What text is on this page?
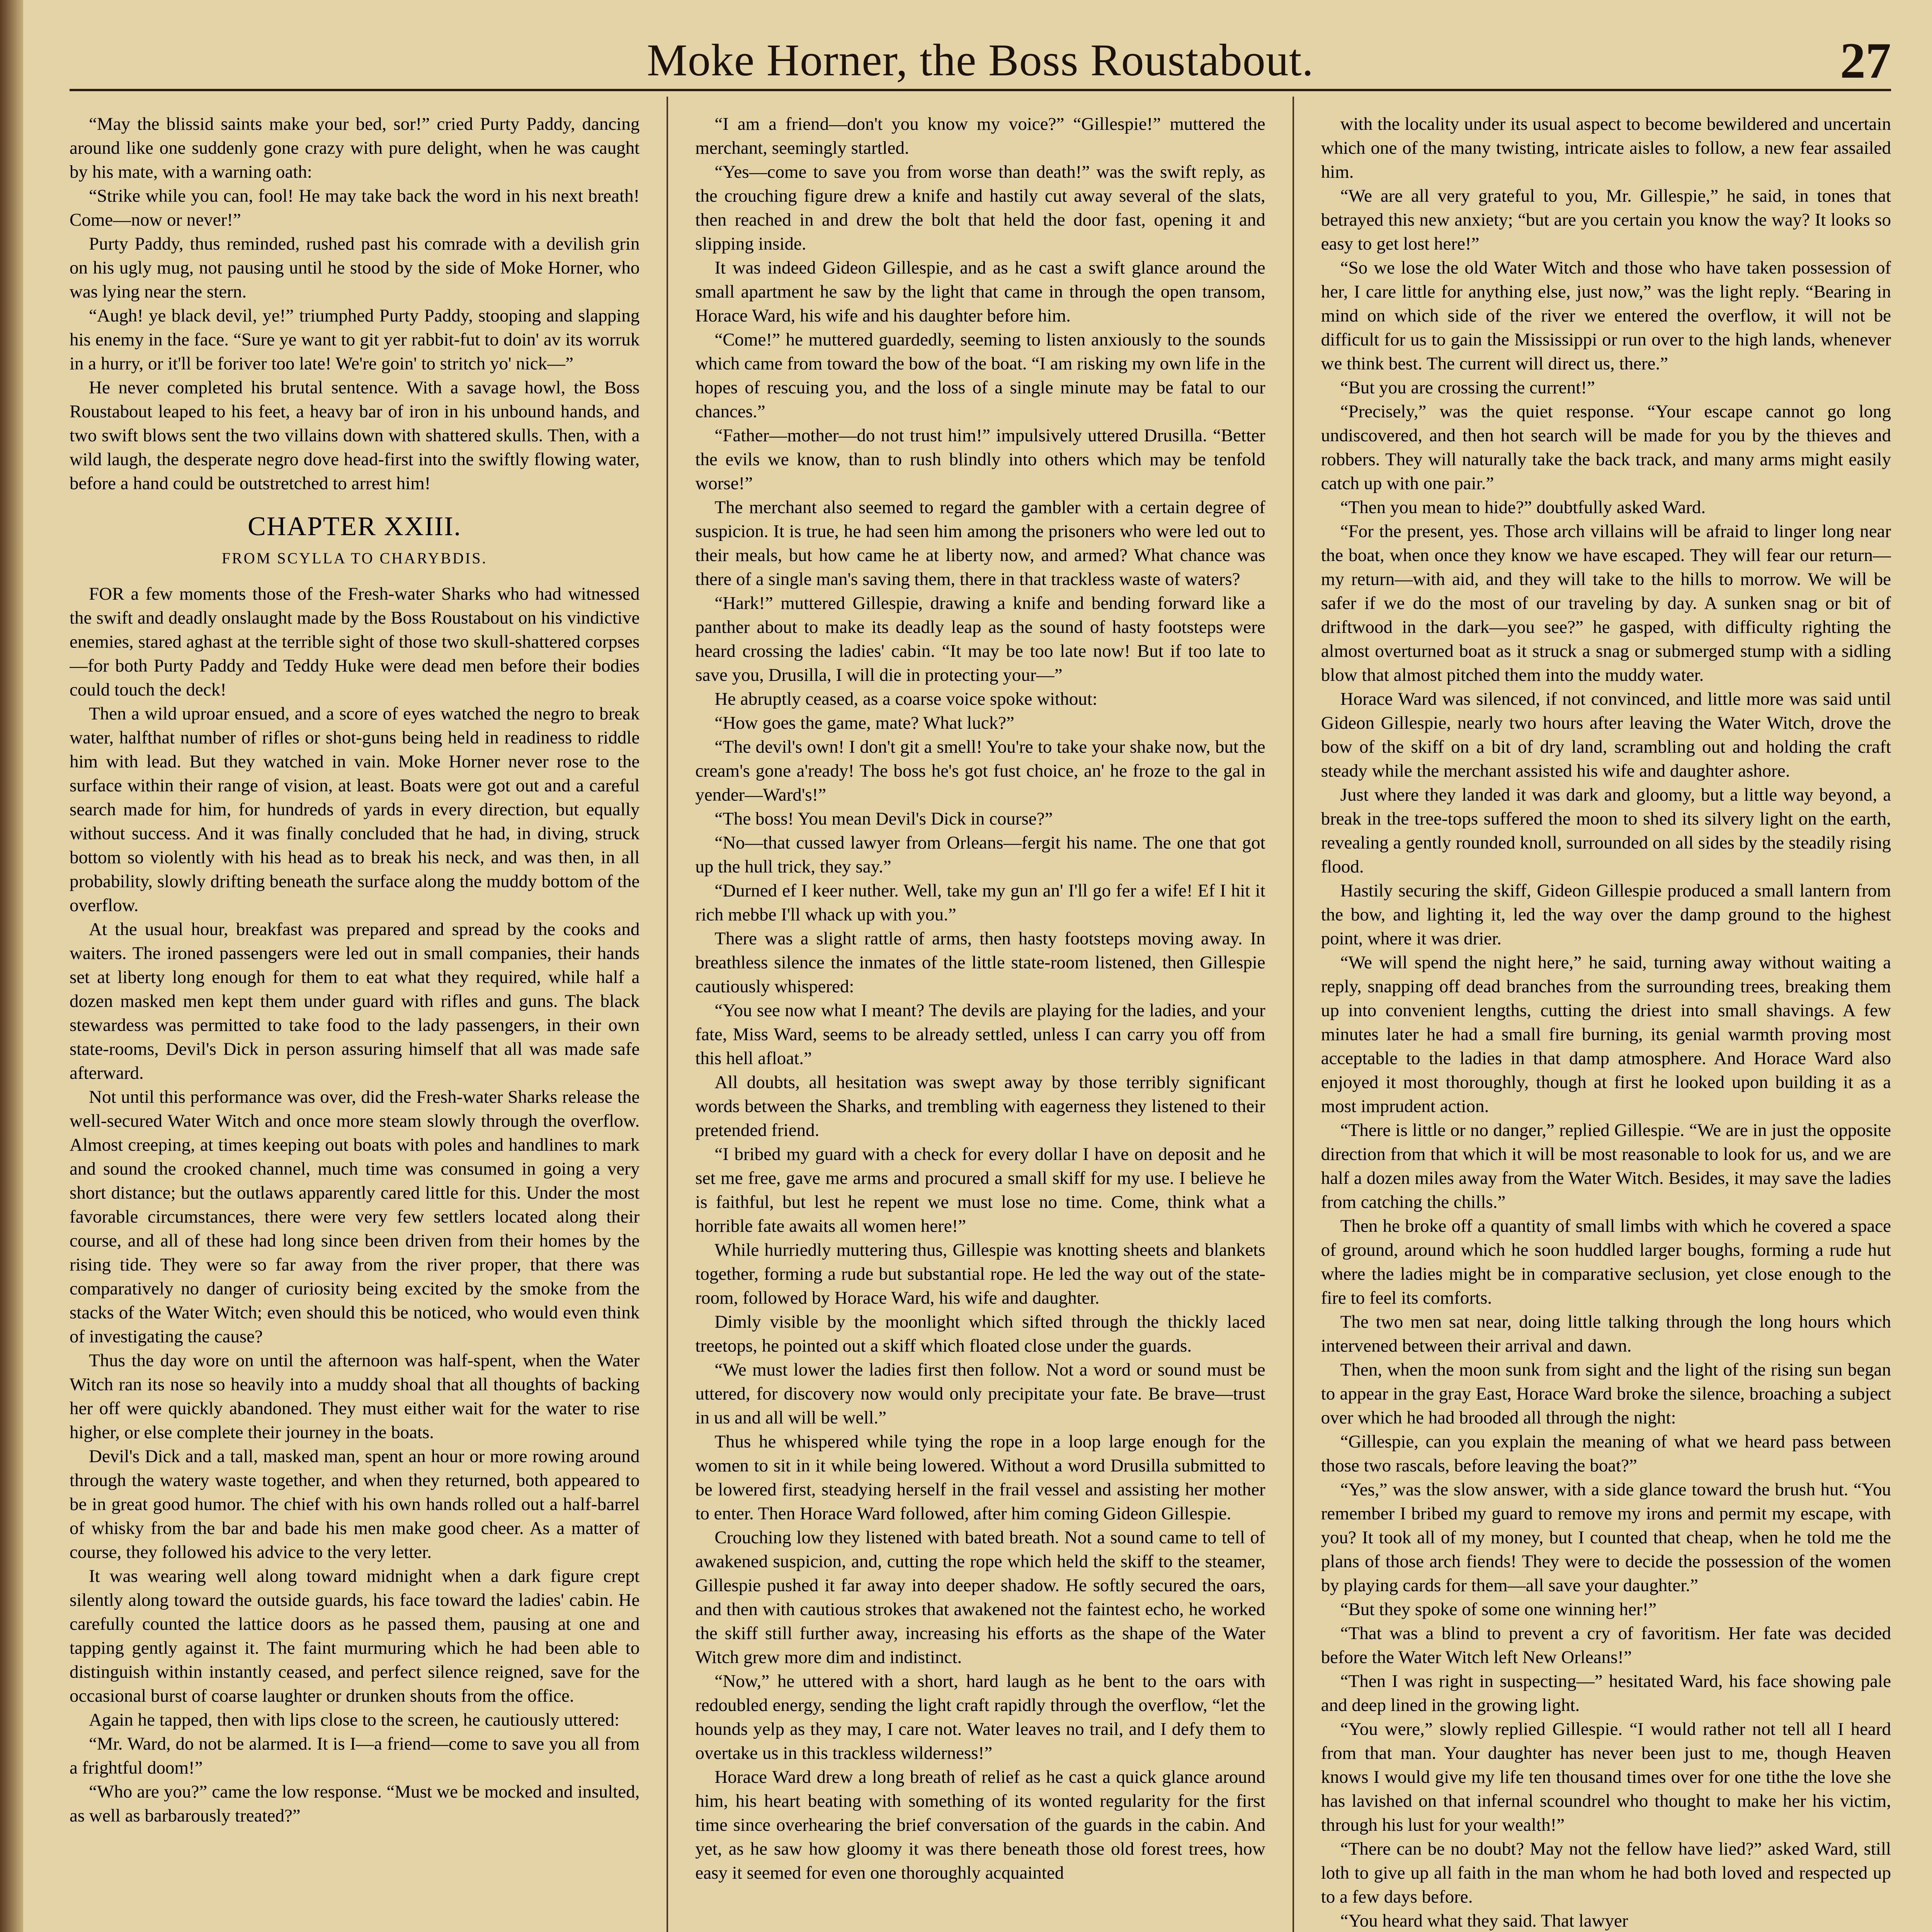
Moke Horner, the Boss Roustabout.	27

“May the blissid saints make your bed, sor!” cried Purty Paddy, dancing around like one suddenly gone crazy with pure delight, when he was caught by his mate, with a warning oath:

“Strike while you can, fool! He may take back the word in his next breath! Come—now or never!”

Purty Paddy, thus reminded, rushed past his comrade with a devilish grin on his ugly mug, not pausing until he stood by the side of Moke Horner, who was lying near the stern.

“Augh! ye black devil, ye!” triumphed Purty Paddy, stooping and slapping his enemy in the face. “Sure ye want to git yer rabbit-fut to doin' av its worruk in a hurry, or it'll be foriver too late! We're goin' to stritch yo' nick—”

He never completed his brutal sentence. With a savage howl, the Boss Roustabout leaped to his feet, a heavy bar of iron in his unbound hands, and two swift blows sent the two villains down with shattered skulls. Then, with a wild laugh, the desperate negro dove head-first into the swiftly flowing water, before a hand could be outstretched to arrest him!

CHAPTER XXIII.
FROM SCYLLA TO CHARYBDIS.

FOR a few moments those of the Fresh-water Sharks who had witnessed the swift and deadly onslaught made by the Boss Roustabout on his vindictive enemies, stared aghast at the terrible sight of those two skull-shattered corpses—for both Purty Paddy and Teddy Huke were dead men before their bodies could touch the deck!

Then a wild uproar ensued, and a score of eyes watched the negro to break water, halfthat number of rifles or shot-guns being held in readiness to riddle him with lead. But they watched in vain. Moke Horner never rose to the surface within their range of vision, at least. Boats were got out and a careful search made for him, for hundreds of yards in every direction, but equally without success. And it was finally concluded that he had, in diving, struck bottom so violently with his head as to break his neck, and was then, in all probability, slowly drifting beneath the surface along the muddy bottom of the overflow.

At the usual hour, breakfast was prepared and spread by the cooks and waiters. The ironed passengers were led out in small companies, their hands set at liberty long enough for them to eat what they required, while half a dozen masked men kept them under guard with rifles and guns. The black stewardess was permitted to take food to the lady passengers, in their own state-rooms, Devil's Dick in person assuring himself that all was made safe afterward.

Not until this performance was over, did the Fresh-water Sharks release the well-secured Water Witch and once more steam slowly through the overflow. Almost creeping, at times keeping out boats with poles and handlines to mark and sound the crooked channel, much time was consumed in going a very short distance; but the outlaws apparently cared little for this. Under the most favorable circumstances, there were very few settlers located along their course, and all of these had long since been driven from their homes by the rising tide. They were so far away from the river proper, that there was comparatively no danger of curiosity being excited by the smoke from the stacks of the Water Witch; even should this be noticed, who would even think of investigating the cause?

Thus the day wore on until the afternoon was half-spent, when the Water Witch ran its nose so heavily into a muddy shoal that all thoughts of backing her off were quickly abandoned. They must either wait for the water to rise higher, or else complete their journey in the boats.

Devil's Dick and a tall, masked man, spent an hour or more rowing around through the watery waste together, and when they returned, both appeared to be in great good humor. The chief with his own hands rolled out a half-barrel of whisky from the bar and bade his men make good cheer. As a matter of course, they followed his advice to the very letter.

It was wearing well along toward midnight when a dark figure crept silently along toward the outside guards, his face toward the ladies' cabin. He carefully counted the lattice doors as he passed them, pausing at one and tapping gently against it. The faint murmuring which he had been able to distinguish within instantly ceased, and perfect silence reigned, save for the occasional burst of coarse laughter or drunken shouts from the office.

Again he tapped, then with lips close to the screen, he cautiously uttered:

“Mr. Ward, do not be alarmed. It is I—a friend—come to save you all from a frightful doom!”

“Who are you?” came the low response. “Must we be mocked and insulted, as well as barbarously treated?”

“I am a friend—don't you know my voice?” “Gillespie!” muttered the merchant, seemingly startled.

“Yes—come to save you from worse than death!” was the swift reply, as the crouching figure drew a knife and hastily cut away several of the slats, then reached in and drew the bolt that held the door fast, opening it and slipping inside.

It was indeed Gideon Gillespie, and as he cast a swift glance around the small apartment he saw by the light that came in through the open transom, Horace Ward, his wife and his daughter before him.

“Come!” he muttered guardedly, seeming to listen anxiously to the sounds which came from toward the bow of the boat. “I am risking my own life in the hopes of rescuing you, and the loss of a single minute may be fatal to our chances.”

“Father—mother—do not trust him!” impulsively uttered Drusilla. “Better the evils we know, than to rush blindly into others which may be tenfold worse!”

The merchant also seemed to regard the gambler with a certain degree of suspicion. It is true, he had seen him among the prisoners who were led out to their meals, but how came he at liberty now, and armed? What chance was there of a single man's saving them, there in that trackless waste of waters?

“Hark!” muttered Gillespie, drawing a knife and bending forward like a panther about to make its deadly leap as the sound of hasty footsteps were heard crossing the ladies' cabin. “It may be too late now! But if too late to save you, Drusilla, I will die in protecting your—”

He abruptly ceased, as a coarse voice spoke without:

“How goes the game, mate? What luck?”

“The devil's own! I don't git a smell! You're to take your shake now, but the cream's gone a'ready! The boss he's got fust choice, an' he froze to the gal in yender—Ward's!”

“The boss! You mean Devil's Dick in course?”

“No—that cussed lawyer from Orleans—fergit his name. The one that got up the hull trick, they say.”

“Durned ef I keer nuther. Well, take my gun an' I'll go fer a wife! Ef I hit it rich mebbe I'll whack up with you.”

There was a slight rattle of arms, then hasty footsteps moving away. In breathless silence the inmates of the little state-room listened, then Gillespie cautiously whispered:

“You see now what I meant? The devils are playing for the ladies, and your fate, Miss Ward, seems to be already settled, unless I can carry you off from this hell afloat.”

All doubts, all hesitation was swept away by those terribly significant words between the Sharks, and trembling with eagerness they listened to their pretended friend.

“I bribed my guard with a check for every dollar I have on deposit and he set me free, gave me arms and procured a small skiff for my use. I believe he is faithful, but lest he repent we must lose no time. Come, think what a horrible fate awaits all women here!”

While hurriedly muttering thus, Gillespie was knotting sheets and blankets together, forming a rude but substantial rope. He led the way out of the state-room, followed by Horace Ward, his wife and daughter.

Dimly visible by the moonlight which sifted through the thickly laced treetops, he pointed out a skiff which floated close under the guards.

“We must lower the ladies first then follow. Not a word or sound must be uttered, for discovery now would only precipitate your fate. Be brave—trust in us and all will be well.”

Thus he whispered while tying the rope in a loop large enough for the women to sit in it while being lowered. Without a word Drusilla submitted to be lowered first, steadying herself in the frail vessel and assisting her mother to enter. Then Horace Ward followed, after him coming Gideon Gillespie.

Crouching low they listened with bated breath. Not a sound came to tell of awakened suspicion, and, cutting the rope which held the skiff to the steamer, Gillespie pushed it far away into deeper shadow. He softly secured the oars, and then with cautious strokes that awakened not the faintest echo, he worked the skiff still further away, increasing his efforts as the shape of the Water Witch grew more dim and indistinct.

“Now,” he uttered with a short, hard laugh as he bent to the oars with redoubled energy, sending the light craft rapidly through the overflow, “let the hounds yelp as they may, I care not. Water leaves no trail, and I defy them to overtake us in this trackless wilderness!”

Horace Ward drew a long breath of relief as he cast a quick glance around him, his heart beating with something of its wonted regularity for the first time since overhearing the brief conversation of the guards in the cabin. And yet, as he saw how gloomy it was there beneath those old forest trees, how easy it seemed for even one thoroughly acquainted

with the locality under its usual aspect to become bewildered and uncertain which one of the many twisting, intricate aisles to follow, a new fear assailed him.

“We are all very grateful to you, Mr. Gillespie,” he said, in tones that betrayed this new anxiety; “but are you certain you know the way? It looks so easy to get lost here!”

“So we lose the old Water Witch and those who have taken possession of her, I care little for anything else, just now,” was the light reply. “Bearing in mind on which side of the river we entered the overflow, it will not be difficult for us to gain the Mississippi or run over to the high lands, whenever we think best. The current will direct us, there.”

“But you are crossing the current!”

“Precisely,” was the quiet response. “Your escape cannot go long undiscovered, and then hot search will be made for you by the thieves and robbers. They will naturally take the back track, and many arms might easily catch up with one pair.”

“Then you mean to hide?” doubtfully asked Ward.

“For the present, yes. Those arch villains will be afraid to linger long near the boat, when once they know we have escaped. They will fear our return—my return—with aid, and they will take to the hills to morrow. We will be safer if we do the most of our traveling by day. A sunken snag or bit of driftwood in the dark—you see?” he gasped, with difficulty righting the almost overturned boat as it struck a snag or submerged stump with a sidling blow that almost pitched them into the muddy water.

Horace Ward was silenced, if not convinced, and little more was said until Gideon Gillespie, nearly two hours after leaving the Water Witch, drove the bow of the skiff on a bit of dry land, scrambling out and holding the craft steady while the merchant assisted his wife and daughter ashore.

Just where they landed it was dark and gloomy, but a little way beyond, a break in the tree-tops suffered the moon to shed its silvery light on the earth, revealing a gently rounded knoll, surrounded on all sides by the steadily rising flood.

Hastily securing the skiff, Gideon Gillespie produced a small lantern from the bow, and lighting it, led the way over the damp ground to the highest point, where it was drier.

“We will spend the night here,” he said, turning away without waiting a reply, snapping off dead branches from the surrounding trees, breaking them up into convenient lengths, cutting the driest into small shavings. A few minutes later he had a small fire burning, its genial warmth proving most acceptable to the ladies in that damp atmosphere. And Horace Ward also enjoyed it most thoroughly, though at first he looked upon building it as a most imprudent action.

“There is little or no danger,” replied Gillespie. “We are in just the opposite direction from that which it will be most reasonable to look for us, and we are half a dozen miles away from the Water Witch. Besides, it may save the ladies from catching the chills.”

Then he broke off a quantity of small limbs with which he covered a space of ground, around which he soon huddled larger boughs, forming a rude hut where the ladies might be in comparative seclusion, yet close enough to the fire to feel its comforts.

The two men sat near, doing little talking through the long hours which intervened between their arrival and dawn.

Then, when the moon sunk from sight and the light of the rising sun began to appear in the gray East, Horace Ward broke the silence, broaching a subject over which he had brooded all through the night:

“Gillespie, can you explain the meaning of what we heard pass between those two rascals, before leaving the boat?”

“Yes,” was the slow answer, with a side glance toward the brush hut. “You remember I bribed my guard to remove my irons and permit my escape, with you? It took all of my money, but I counted that cheap, when he told me the plans of those arch fiends! They were to decide the possession of the women by playing cards for them—all save your daughter.”

“But they spoke of some one winning her!”

“That was a blind to prevent a cry of favoritism. Her fate was decided before the Water Witch left New Orleans!”

“Then I was right in suspecting—” hesitated Ward, his face showing pale and deep lined in the growing light.

“You were,” slowly replied Gillespie. “I would rather not tell all I heard from that man. Your daughter has never been just to me, though Heaven knows I would give my life ten thousand times over for one tithe the love she has lavished on that infernal scoundrel who thought to make her his victim, through his lust for your wealth!”

“There can be no doubt? May not the fellow have lied?” asked Ward, still loth to give up all faith in the man whom he had both loved and respected up to a few days before.

“You heard what they said. That lawyer
